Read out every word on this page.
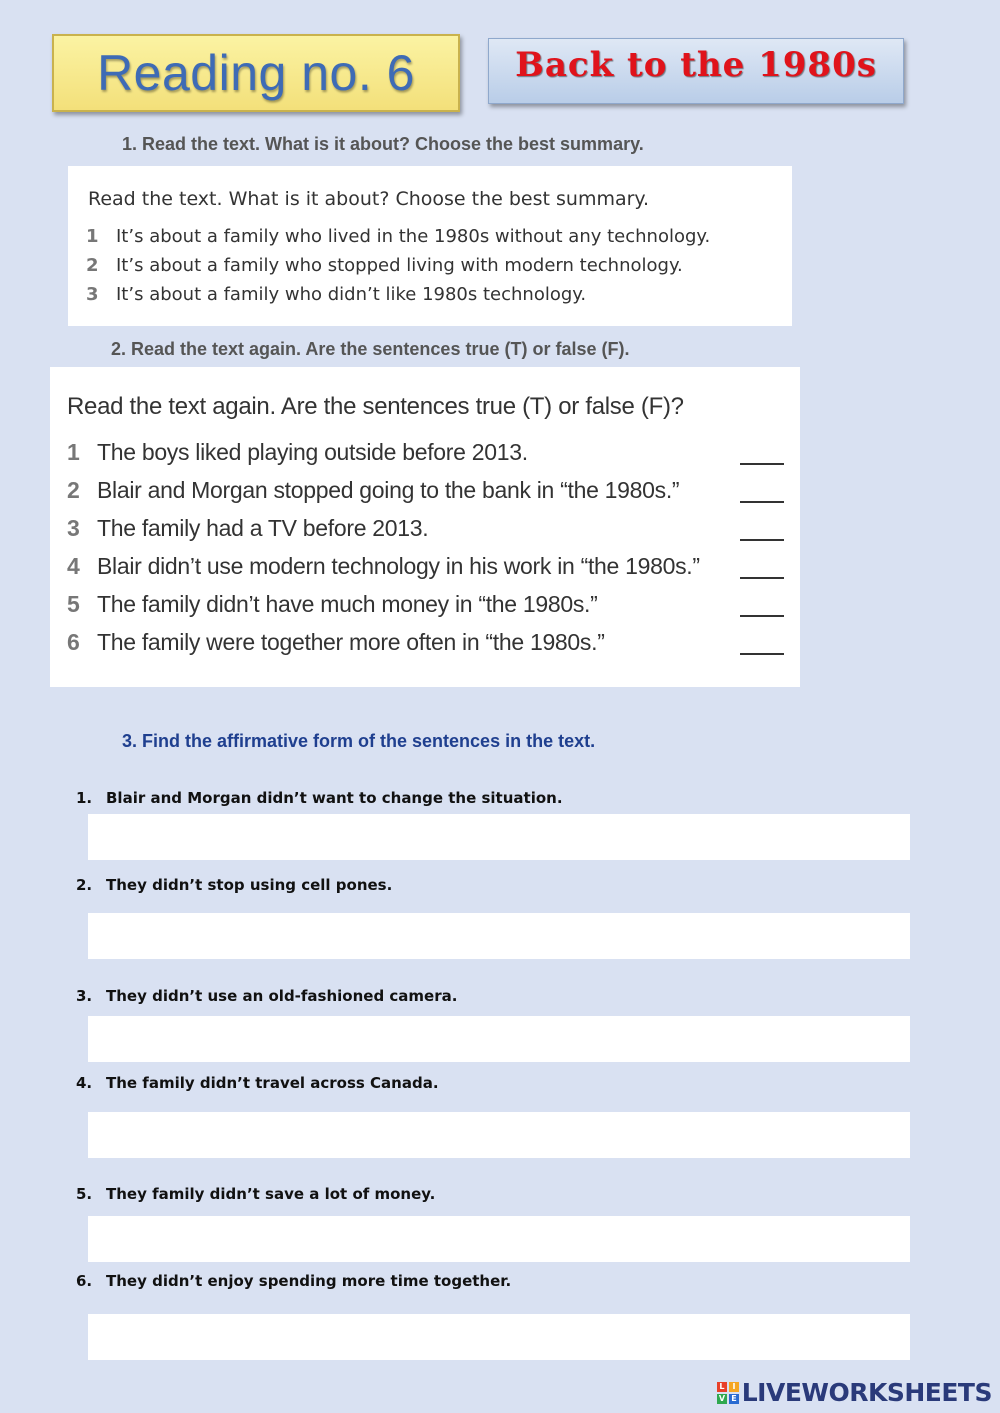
Reading no. 6	Back to the 1980s
1. Read the text. What is it about? Choose the best summary.
Read the text. What is it about? Choose the best summary.
1 It’s about a family who lived in the 1980s without any technology.
2 It’s about a family who stopped living with modern technology.
3 It’s about a family who didn’t like 1980s technology.
2. Read the text again. Are the sentences true (T) or false (F).
Read the text again. Are the sentences true (T) or false (F)?
1 The boys liked playing outside before 2013.
2 Blair and Morgan stopped going to the bank in “the 1980s.”
3 The family had a TV before 2013.
4 Blair didn’t use modern technology in his work in “the 1980s.”
5 The family didn’t have much money in “the 1980s.”
6 The family were together more often in “the 1980s.”
3. Find the affirmative form of the sentences in the text.
1. Blair and Morgan didn’t want to change the situation.
2. They didn’t stop using cell pones.
3. They didn’t use an old-fashioned camera.
4. The family didn’t travel across Canada.
5. They family didn’t save a lot of money.
6. They didn’t enjoy spending more time together.
L	I
V E LIVEWORKSHEETS
